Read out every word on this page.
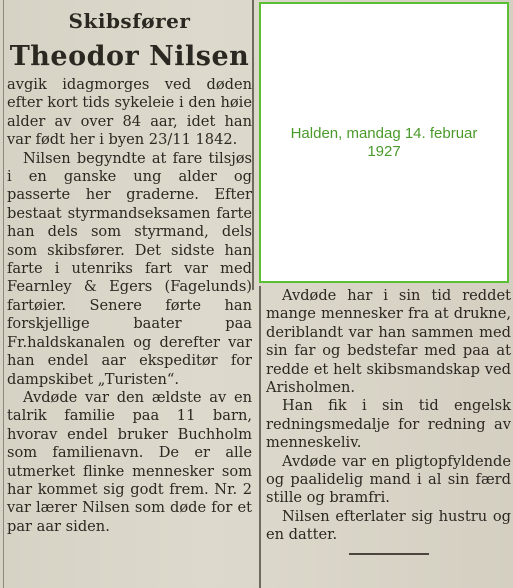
Skibsfører
Theodor Nilsen

avgik idagmorges ved døden efter kort tids sykeleie i den høie alder av over 84 aar, idet han var født her i byen 23/11 1842.

Nilsen begyndte at fare tilsjøs i en ganske ung alder og passerte her graderne. Efter bestaat styrmandseksamen farte han dels som styrmand, dels som skibsfører. Det sidste han farte i utenriks fart var med Fearnley & Egers (Fagelunds) fartøier. Senere førte han forskjellige baater paa Fr.haldskanalen og derefter var han endel aar ekspeditør for dampskibet „Turisten“.

Avdøde var den ældste av en talrik familie paa 11 barn, hvorav endel bruker Buchholm som familienavn. De er alle utmerket flinke mennesker som har kommet sig godt frem. Nr. 2 var lærer Nilsen som døde for et par aar siden.

Avdøde har i sin tid reddet mange mennesker fra at drukne, deriblandt var han sammen med sin far og bedstefar med paa at redde et helt skibsmandskap ved Arisholmen.

Han fik i sin tid engelsk redningsmedalje for redning av menneskeliv.

Avdøde var en pligtopfyldende og paalidelig mand i al sin færd stille og bramfri.

Nilsen efterlater sig hustru og en datter.

Halden, mandag 14. februar 1927
